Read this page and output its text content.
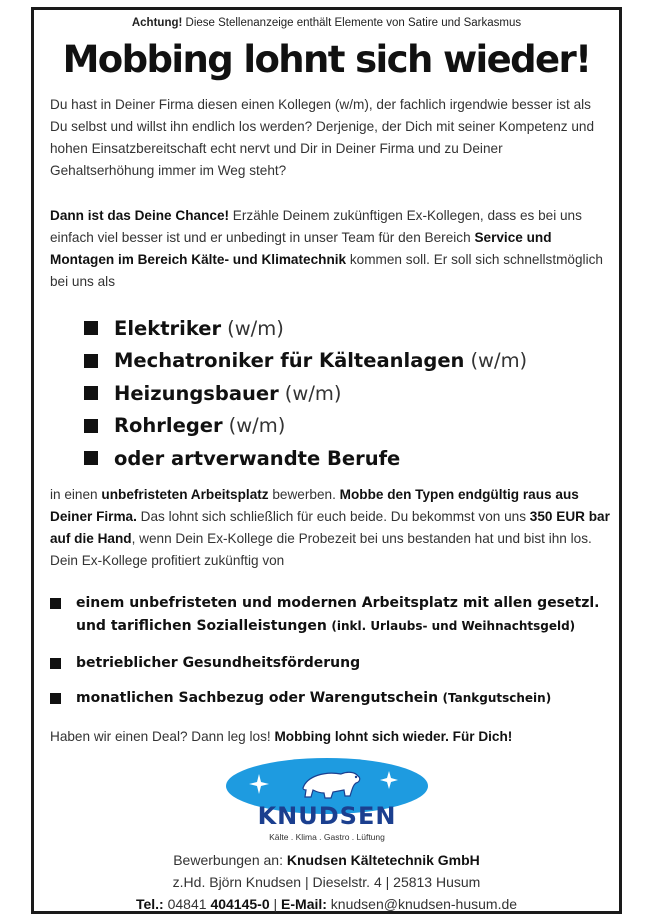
Achtung! Diese Stellenanzeige enthält Elemente von Satire und Sarkasmus
Mobbing lohnt sich wieder!
Du hast in Deiner Firma diesen einen Kollegen (w/m), der fachlich irgendwie besser ist als Du selbst und willst ihn endlich los werden? Derjenige, der Dich mit seiner Kompetenz und hohen Einsatzbereitschaft echt nervt und Dir in Deiner Firma und zu Deiner Gehaltserhöhung immer im Weg steht?
Dann ist das Deine Chance! Erzähle Deinem zukünftigen Ex-Kollegen, dass es bei uns einfach viel besser ist und er unbedingt in unser Team für den Bereich Service und Montagen im Bereich Kälte- und Klimatechnik kommen soll. Er soll sich schnellstmöglich bei uns als
Elektriker (w/m)
Mechatroniker für Kälteanlagen (w/m)
Heizungsbauer (w/m)
Rohrleger (w/m)
oder artverwandte Berufe
in einen unbefristeten Arbeitsplatz bewerben. Mobbe den Typen endgültig raus aus Deiner Firma. Das lohnt sich schließlich für euch beide. Du bekommst von uns 350 EUR bar auf die Hand, wenn Dein Ex-Kollege die Probezeit bei uns bestanden hat und bist ihn los. Dein Ex-Kollege profitiert zukünftig von
einem unbefristeten und modernen Arbeitsplatz mit allen gesetzl. und tariflichen Sozialleistungen (inkl. Urlaubs- und Weihnachtsgeld)
betrieblicher Gesundheitsförderung
monatlichen Sachbezug oder Warengutschein (Tankgutschein)
Haben wir einen Deal? Dann leg los! Mobbing lohnt sich wieder. Für Dich!
KNUDSEN
Kälte . Klima . Gastro . Lüftung
Bewerbungen an: Knudsen Kältetechnik GmbH
z.Hd. Björn Knudsen | Dieselstr. 4 | 25813 Husum
Tel.: 04841 404145-0 | E-Mail: knudsen@knudsen-husum.de
